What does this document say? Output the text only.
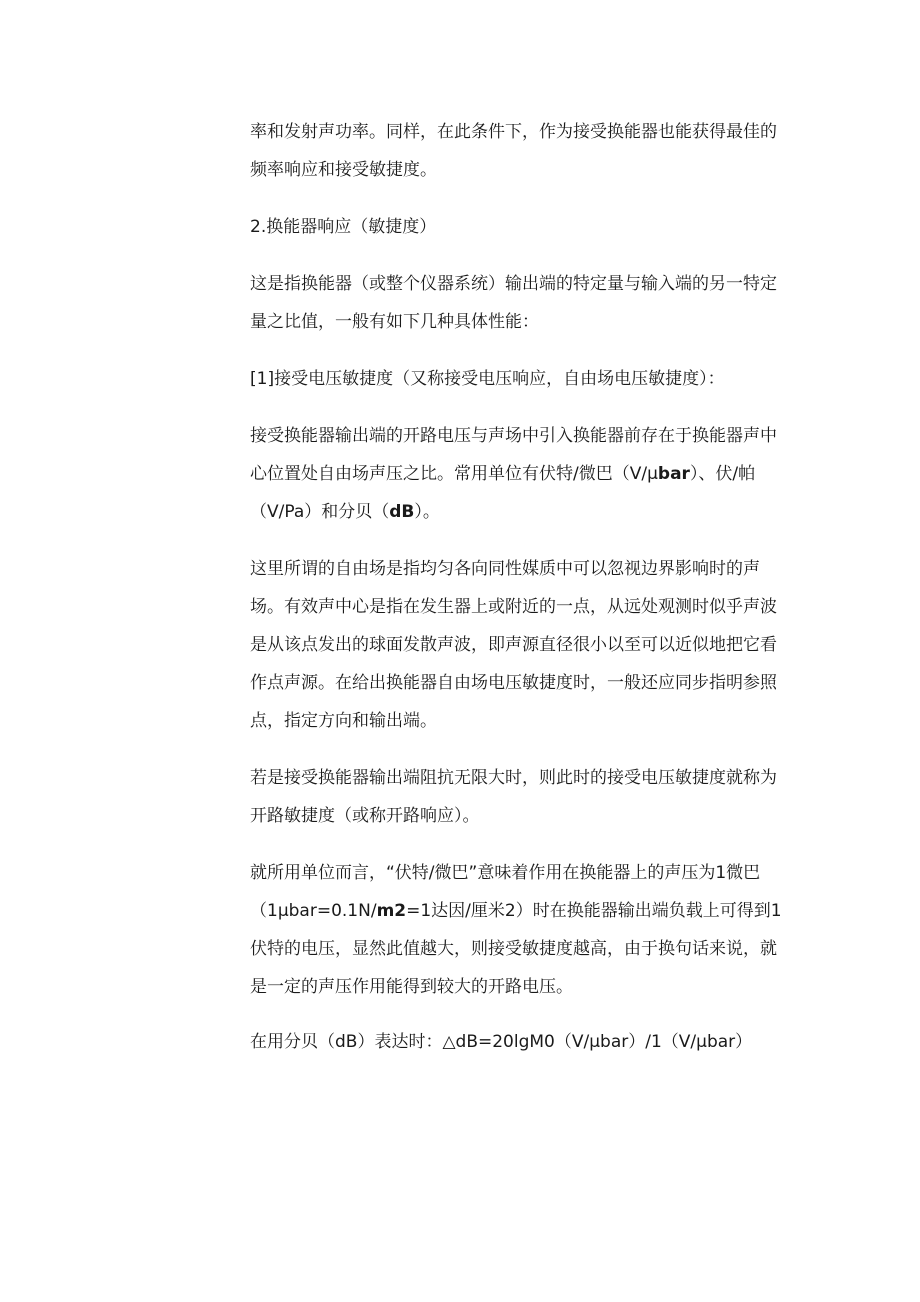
率和发射声功率。同样，在此条件下，作为接受换能器也能获得最佳的频率响应和接受敏捷度。

2.换能器响应（敏捷度）

这是指换能器（或整个仪器系统）输出端的特定量与输入端的另一特定量之比值，一般有如下几种具体性能：

[1]接受电压敏捷度（又称接受电压响应，自由场电压敏捷度）：

接受换能器输出端的开路电压与声场中引入换能器前存在于换能器声中心位置处自由场声压之比。常用单位有伏特/微巴（V/μbar）、伏/帕（V/Pa）和分贝（dB）。

这里所谓的自由场是指均匀各向同性媒质中可以忽视边界影响时的声场。有效声中心是指在发生器上或附近的一点，从远处观测时似乎声波是从该点发出的球面发散声波，即声源直径很小以至可以近似地把它看作点声源。在给出换能器自由场电压敏捷度时，一般还应同步指明参照点，指定方向和输出端。

若是接受换能器输出端阻抗无限大时，则此时的接受电压敏捷度就称为开路敏捷度（或称开路响应）。

就所用单位而言，“伏特/微巴”意味着作用在换能器上的声压为1微巴（1μbar=0.1N/m2=1达因/厘米2）时在换能器输出端负载上可得到1伏特的电压，显然此值越大，则接受敏捷度越高，由于换句话来说，就是一定的声压作用能得到较大的开路电压。

在用分贝（dB）表达时：△dB=20lgM0（V/μbar）/1（V/μbar）
